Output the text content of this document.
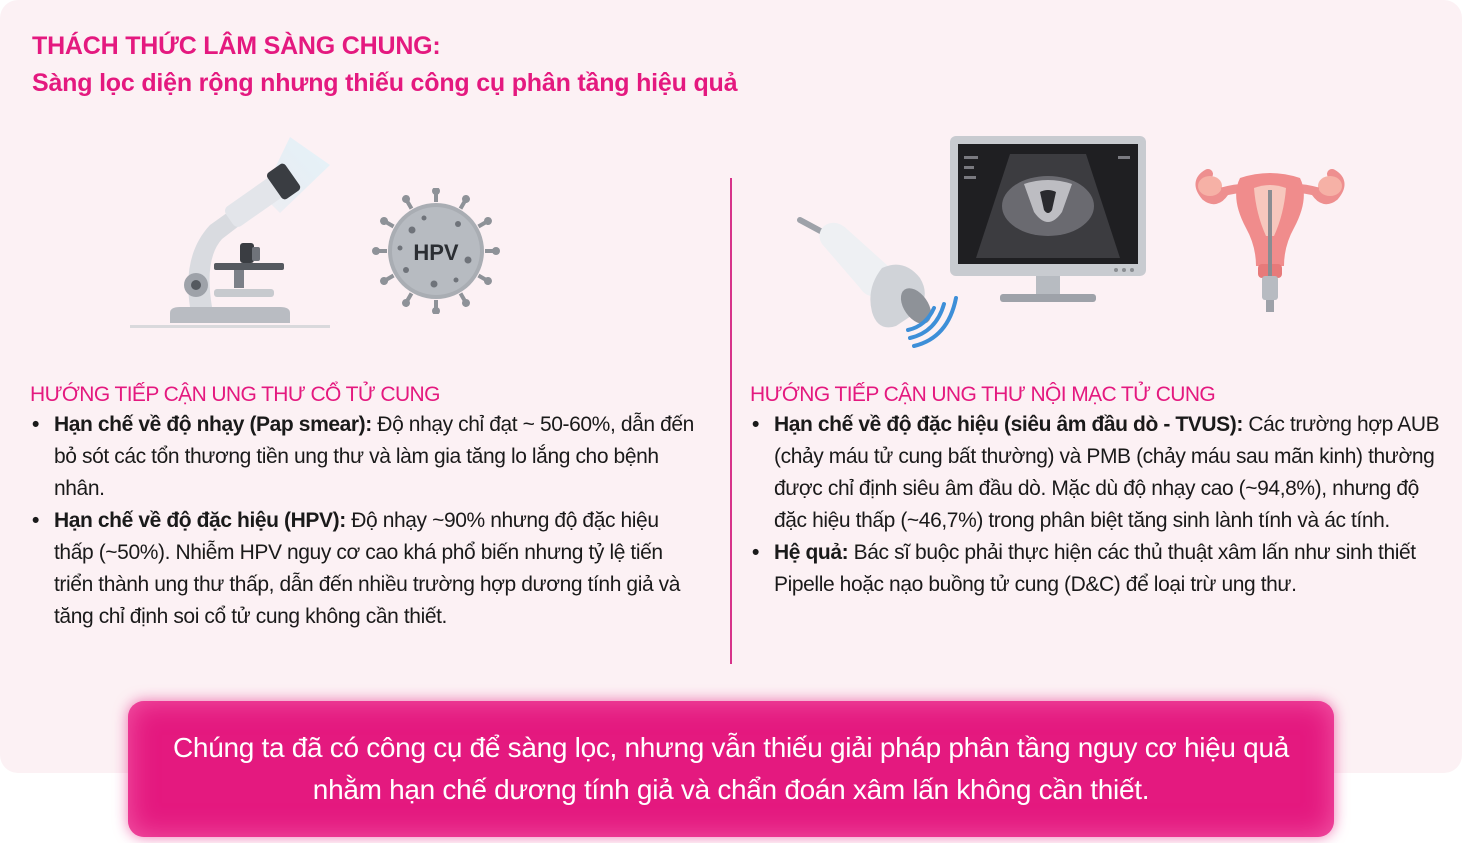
THÁCH THỨC LÂM SÀNG CHUNG:
Sàng lọc diện rộng nhưng thiếu công cụ phân tầng hiệu quả
HPV
HƯỚNG TIẾP CẬN UNG THƯ CỔ TỬ CUNG
• Hạn chế về độ nhạy (Pap smear): Độ nhạy chỉ đạt ~ 50-60%, dẫn đến bỏ sót các tổn thương tiền ung thư và làm gia tăng lo lắng cho bệnh nhân.
• Hạn chế về độ đặc hiệu (HPV): Độ nhạy ~90% nhưng độ đặc hiệu thấp (~50%). Nhiễm HPV nguy cơ cao khá phổ biến nhưng tỷ lệ tiến triển thành ung thư thấp, dẫn đến nhiều trường hợp dương tính giả và tăng chỉ định soi cổ tử cung không cần thiết.
HƯỚNG TIẾP CẬN UNG THƯ NỘI MẠC TỬ CUNG
• Hạn chế về độ đặc hiệu (siêu âm đầu dò - TVUS): Các trường hợp AUB (chảy máu tử cung bất thường) và PMB (chảy máu sau mãn kinh) thường được chỉ định siêu âm đầu dò. Mặc dù độ nhạy cao (~94,8%), nhưng độ đặc hiệu thấp (~46,7%) trong phân biệt tăng sinh lành tính và ác tính.
• Hệ quả: Bác sĩ buộc phải thực hiện các thủ thuật xâm lấn như sinh thiết Pipelle hoặc nạo buồng tử cung (D&C) để loại trừ ung thư.

Chúng ta đã có công cụ để sàng lọc, nhưng vẫn thiếu giải pháp phân tầng nguy cơ hiệu quả nhằm hạn chế dương tính giả và chẩn đoán xâm lấn không cần thiết.
